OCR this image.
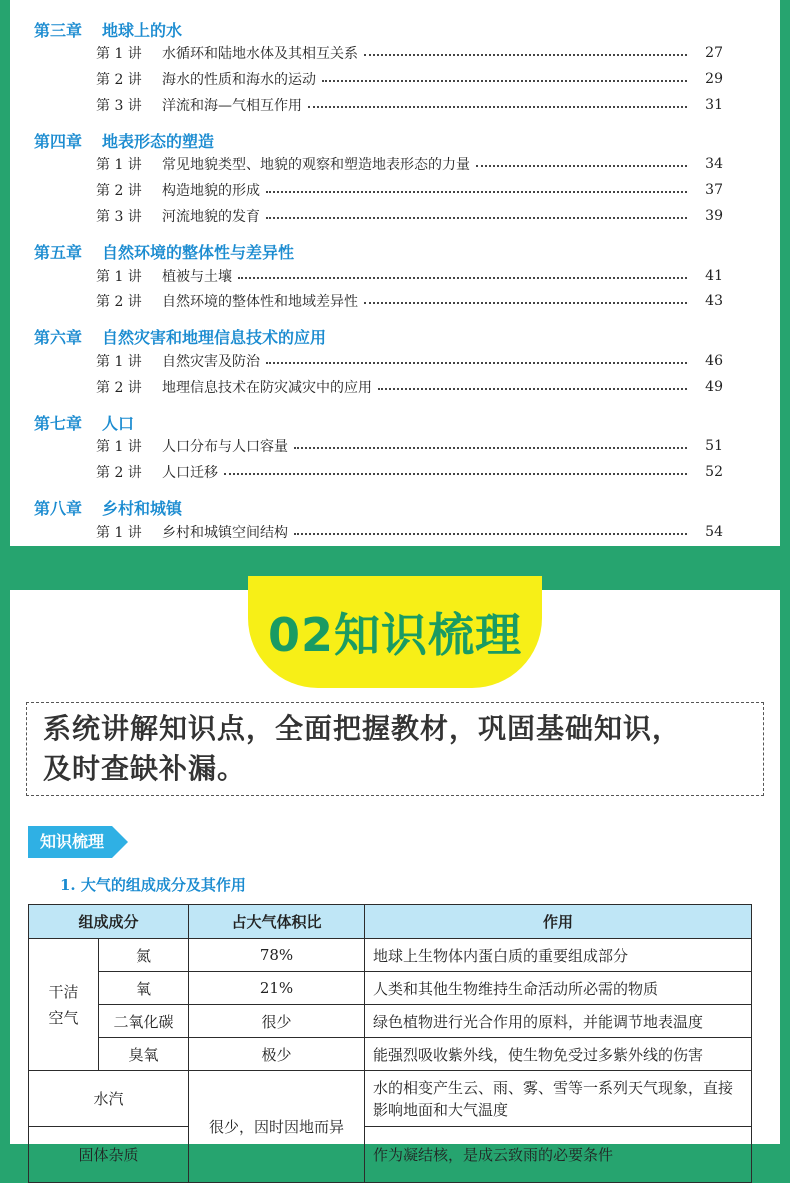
第三章 地球上的水
第 1 讲	水循环和陆地水体及其相互关系	27
第 2 讲	海水的性质和海水的运动	29
第 3 讲	洋流和海—气相互作用	31
第四章 地表形态的塑造
第 1 讲	常见地貌类型、地貌的观察和塑造地表形态的力量	34
第 2 讲	构造地貌的形成	37
第 3 讲	河流地貌的发育	39
第五章 自然环境的整体性与差异性
第 1 讲	植被与土壤	41
第 2 讲	自然环境的整体性和地域差异性	43
第六章 自然灾害和地理信息技术的应用
第 1 讲	自然灾害及防治	46
第 2 讲	地理信息技术在防灾减灾中的应用	49
第七章 人口
第 1 讲	人口分布与人口容量	51
第 2 讲	人口迁移	52
第八章 乡村和城镇
第 1 讲	乡村和城镇空间结构	54
02知识梳理

系统讲解知识点，全面把握教材，巩固基础知识，

及时查缺补漏。

知识梳理
1. 大气的组成成分及其作用
组成成分		占大气体积比	作用
干洁
空气	氮	78%	地球上生物体内蛋白质的重要组成部分
	氧	21%	人类和其他生物维持生命活动所必需的物质
	二氧化碳	很少	绿色植物进行光合作用的原料，并能调节地表温度
	臭氧	极少	能强烈吸收紫外线，使生物免受过多紫外线的伤害
水汽		很少，因时因地而异	水的相变产生云、雨、雾、雪等一系列天气现象，直接影响地面和大气温度
固体杂质			作为凝结核，是成云致雨的必要条件
